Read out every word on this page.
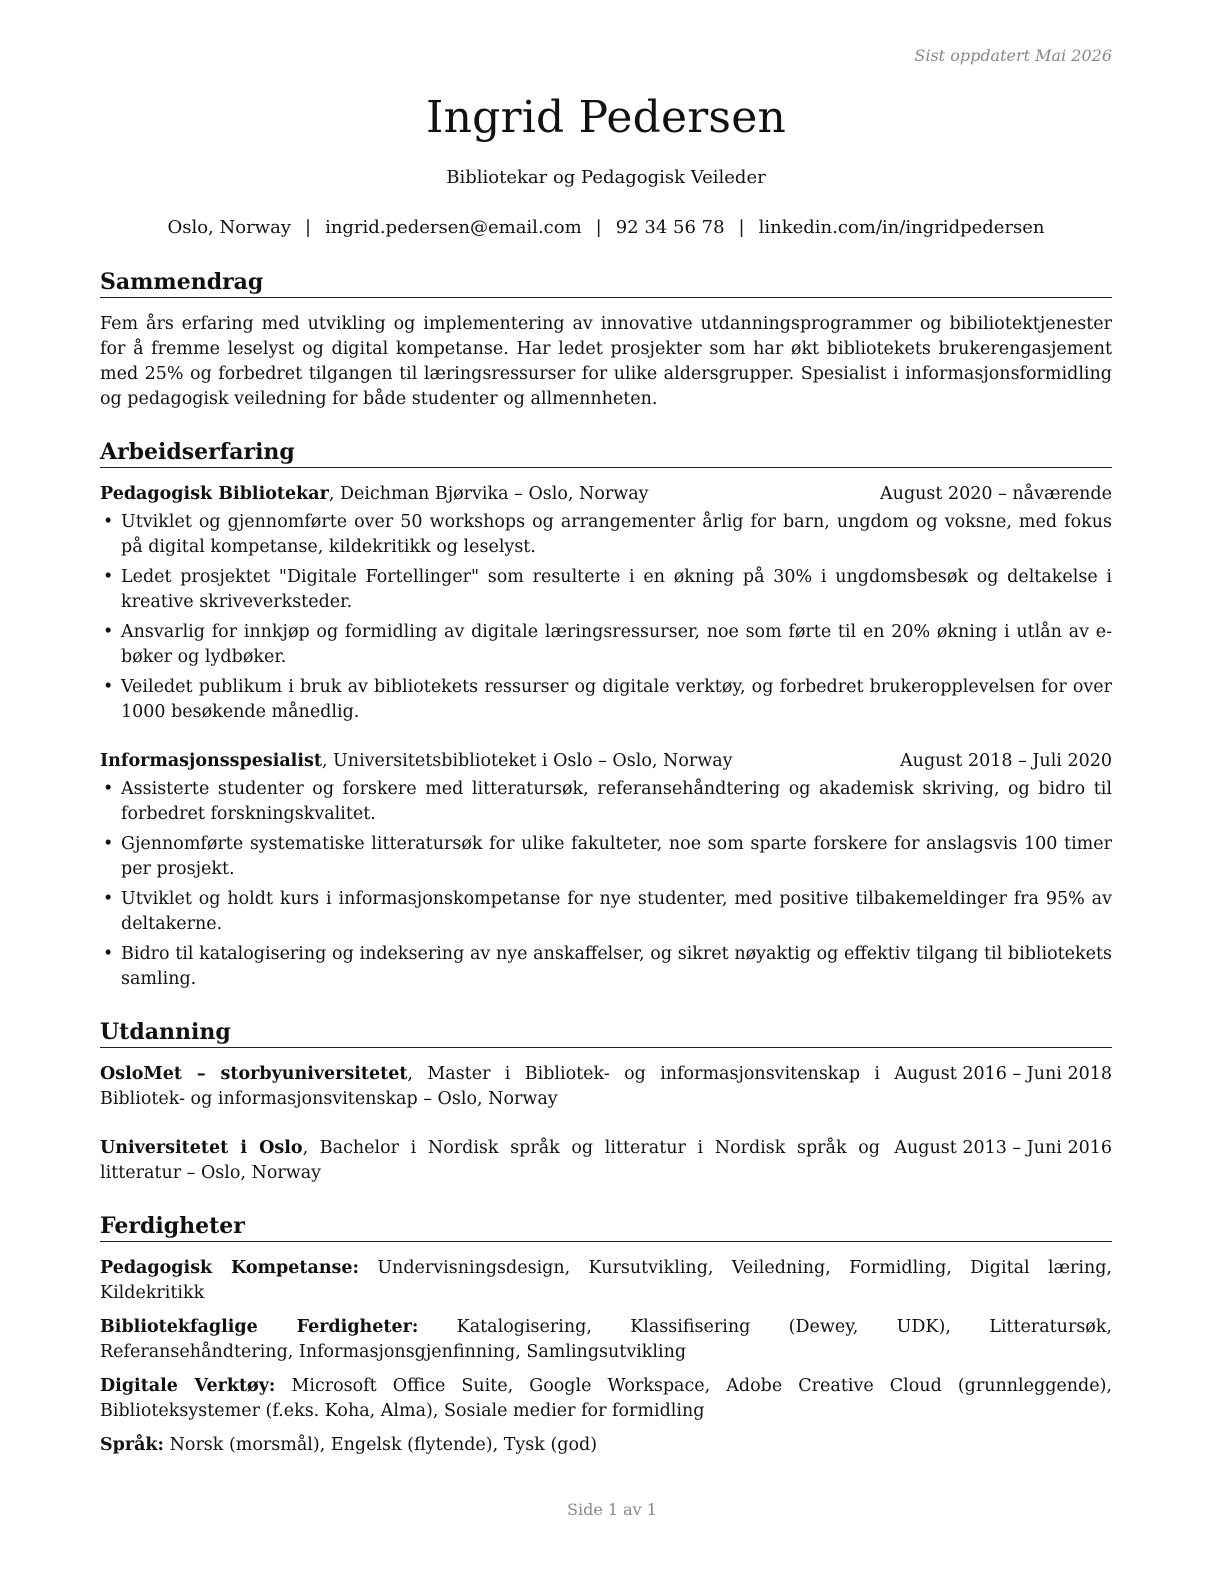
Sist oppdatert Mai 2026
Ingrid Pedersen
Bibliotekar og Pedagogisk Veileder
Oslo, Norway | ingrid.pedersen@email.com | 92 34 56 78 | linkedin.com/in/ingridpedersen
Sammendrag
Fem års erfaring med utvikling og implementering av innovative utdanningsprogrammer og bibiliotektjenester for å fremme leselyst og digital kompetanse. Har ledet prosjekter som har økt bibliotekets brukerengasjement med 25% og forbedret tilgangen til læringsressurser for ulike aldersgrupper. Spesialist i informasjonsformidling og pedagogisk veiledning for både studenter og allmennheten.
Arbeidserfaring
Pedagogisk Bibliotekar, Deichman Bjørvika – Oslo, Norway	August 2020 – nåværende
• Utviklet og gjennomførte over 50 workshops og arrangementer årlig for barn, ungdom og voksne, med fokus på digital kompetanse, kildekritikk og leselyst.
• Ledet prosjektet "Digitale Fortellinger" som resulterte i en økning på 30% i ungdomsbesøk og deltakelse i kreative skriveverksteder.
• Ansvarlig for innkjøp og formidling av digitale læringsressurser, noe som førte til en 20% økning i utlån av e-bøker og lydbøker.
• Veiledet publikum i bruk av bibliotekets ressurser og digitale verktøy, og forbedret brukeropplevelsen for over 1000 besøkende månedlig.
Informasjonsspesialist, Universitetsbiblioteket i Oslo – Oslo, Norway	August 2018 – Juli 2020
• Assisterte studenter og forskere med litteratursøk, referansehåndtering og akademisk skriving, og bidro til forbedret forskningskvalitet.
• Gjennomførte systematiske litteratursøk for ulike fakulteter, noe som sparte forskere for anslagsvis 100 timer per prosjekt.
• Utviklet og holdt kurs i informasjonskompetanse for nye studenter, med positive tilbakemeldinger fra 95% av deltakerne.
• Bidro til katalogisering og indeksering av nye anskaffelser, og sikret nøyaktig og effektiv tilgang til bibliotekets samling.
Utdanning
OsloMet – storbyuniversitetet, Master i Bibliotek- og informasjonsvitenskap i Bibliotek- og informasjonsvitenskap – Oslo, Norway
August 2016 – Juni 2018
Universitetet i Oslo, Bachelor i Nordisk språk og litteratur i Nordisk språk og litteratur – Oslo, Norway
August 2013 – Juni 2016
Ferdigheter
Pedagogisk Kompetanse: Undervisningsdesign, Kursutvikling, Veiledning, Formidling, Digital læring, Kildekritikk
Bibliotekfaglige Ferdigheter: Katalogisering, Klassifisering (Dewey, UDK), Litteratursøk, Referansehåndtering, Informasjonsgjenfinning, Samlingsutvikling
Digitale Verktøy: Microsoft Office Suite, Google Workspace, Adobe Creative Cloud (grunnleggende), Biblioteksystemer (f.eks. Koha, Alma), Sosiale medier for formidling
Språk: Norsk (morsmål), Engelsk (flytende), Tysk (god)
Side 1 av 1
